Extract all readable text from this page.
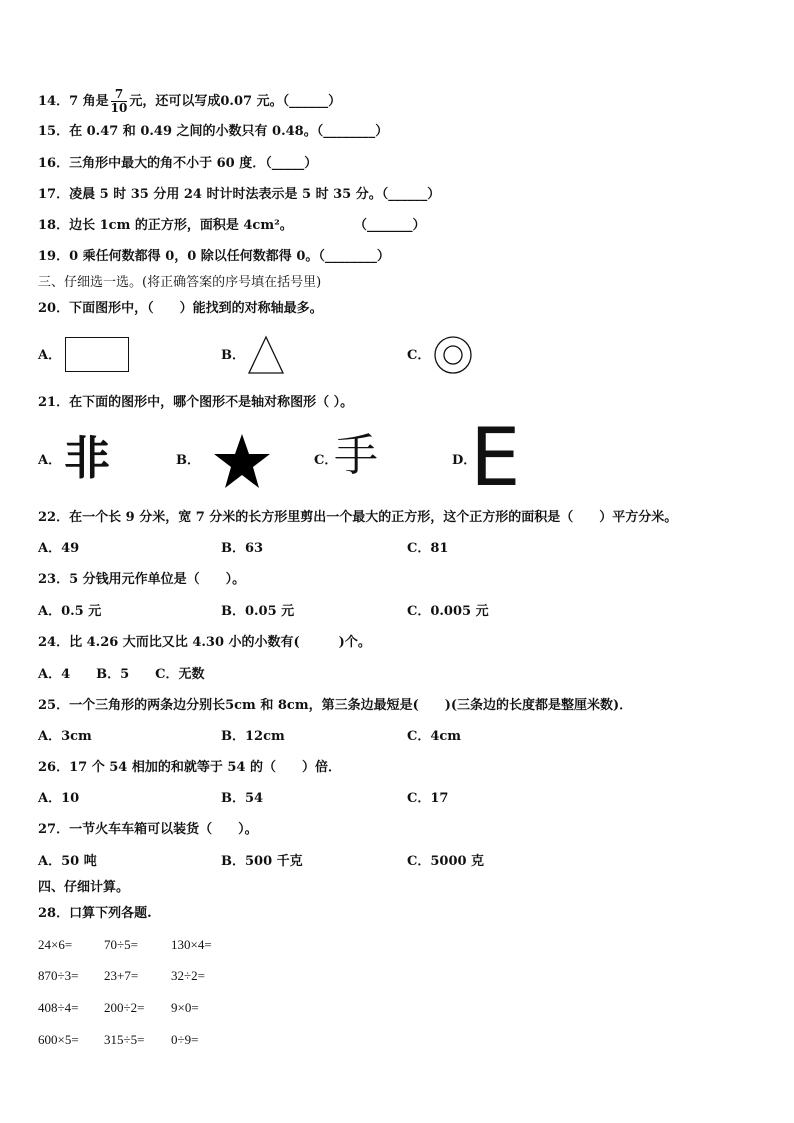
14．7 角是 $\frac{7}{10}$ 元，还可以写成0.07 元。（______）
15．在 0.47 和 0.49 之间的小数只有 0.48。（________）
16．三角形中最大的角不小于 60 度．（_____）
17．凌晨 5 时 35 分用 24 时计时法表示是 5 时 35 分。（______）
18．边长 1cm 的正方形，面积是 4cm²。	（_______）
19．0 乘任何数都得 0，0 除以任何数都得 0。（________）
三、仔细选一选。(将正确答案的序号填在括号里)
20．下面图形中，（　　）能找到的对称轴最多。
A．	B．	C．
21．在下面的图形中，哪个图形不是轴对称图形（ ）。
A． 非	B．	C．
手	D．
E
22．在一个长 9 分米，宽 7 分米的长方形里剪出一个最大的正方形，这个正方形的面积是（　　）平方分米。
A．49	B．63	C．81
23．5 分钱用元作单位是（　　）。
A．0.5 元	B．0.05 元	C．0.005 元
24．比 4.26 大而比又比 4.30 小的小数有(　　　)个。
A．4　　B．5　　C．无数
25．一个三角形的两条边分别长5cm 和 8cm，第三条边最短是(　　)(三条边的长度都是整厘米数)．
A．3cm	B．12cm	C．4cm
26．17 个 54 相加的和就等于 54 的（　　）倍．
A．10	B．54	C．17
27．一节火车车箱可以装货（　　）。
A．50 吨	B．500 千克	C．5000 克
四、仔细计算。
28．口算下列各题.
24×6= 70÷5=	130×4=
870÷3= 23+7=	32÷2=
408÷4= 200÷2= 9×0=
600×5= 315÷5= 0÷9=
